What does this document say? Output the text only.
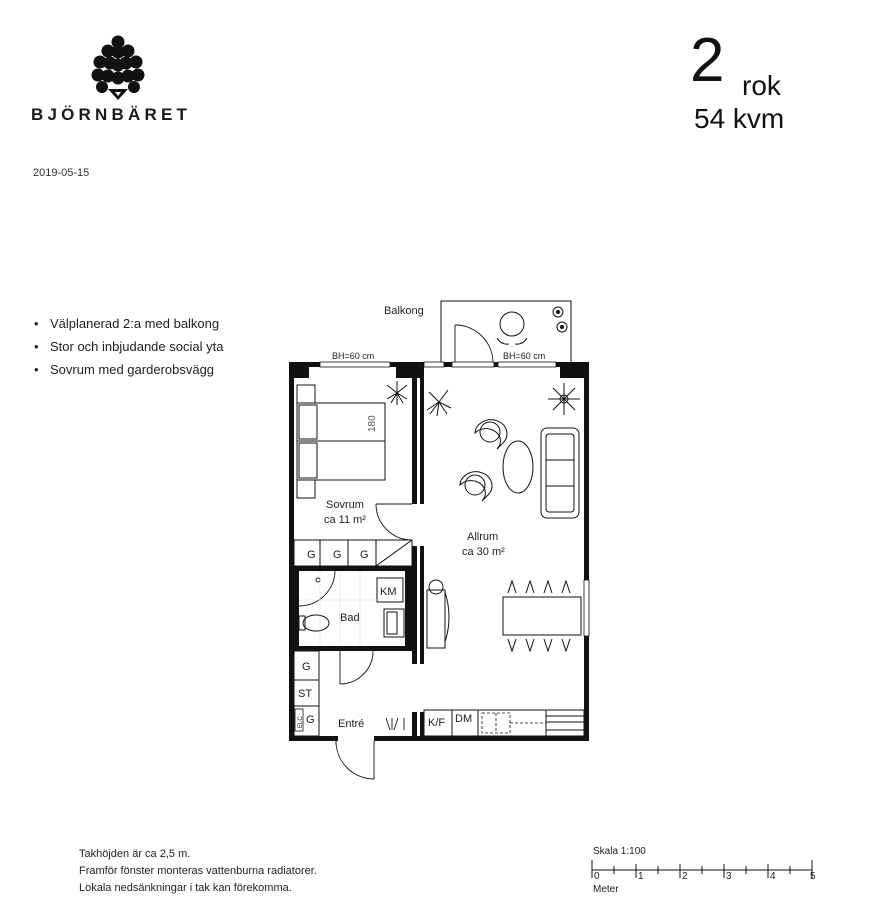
BJÖRNBÄRET
2019-05-15
2 rok
54 kvm
• Välplanerad 2:a med balkong
• Stor och inbjudande social yta
• Sovrum med garderobsvägg
Balkong
BH=60 cm	BH=60 cm
180
Sovrum
ca 11 m²
G G G
KM
Bad
G
ST
G
ELC	Entré
Allrum
ca 30 m²
K/F DM
Takhöjden är ca 2,5 m.
Framför fönster monteras vattenburna radiatorer.
Lokala nedsänkningar i tak kan förekomma.
Skala 1:100
0	1	2	3	4	5
Meter
